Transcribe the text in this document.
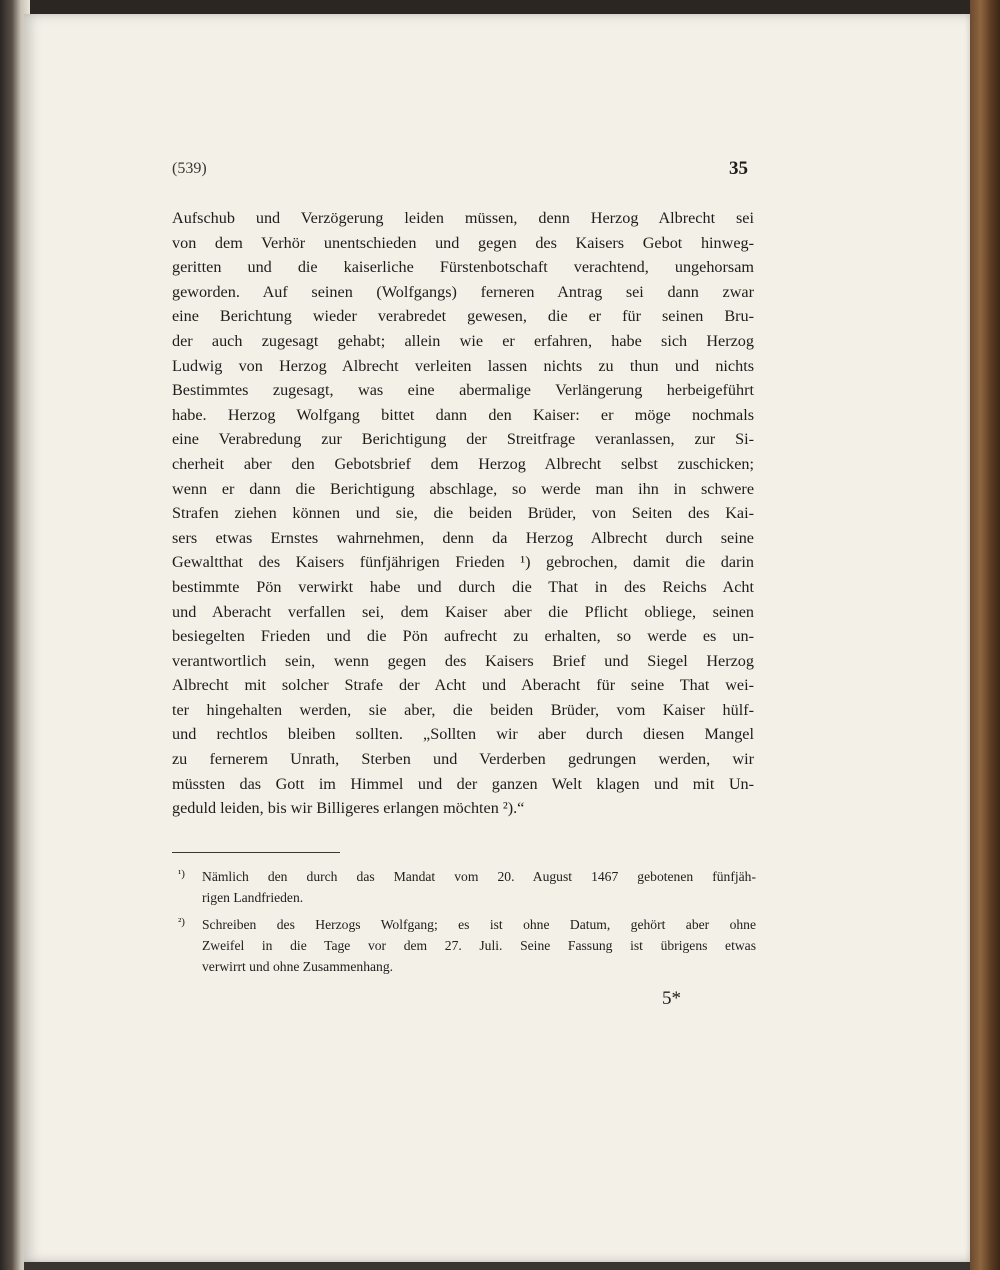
(539)	35
Aufschub und Verzögerung leiden müssen, denn Herzog Albrecht sei
von dem Verhör unentschieden und gegen des Kaisers Gebot hinweg-
geritten und die kaiserliche Fürstenbotschaft verachtend, ungehorsam
geworden. Auf seinen (Wolfgangs) ferneren Antrag sei dann zwar
eine Berichtung wieder verabredet gewesen, die er für seinen Bru-
der auch zugesagt gehabt; allein wie er erfahren, habe sich Herzog
Ludwig von Herzog Albrecht verleiten lassen nichts zu thun und nichts
Bestimmtes zugesagt, was eine abermalige Verlängerung herbeigeführt
habe. Herzog Wolfgang bittet dann den Kaiser: er möge nochmals
eine Verabredung zur Berichtigung der Streitfrage veranlassen, zur Si-
cherheit aber den Gebotsbrief dem Herzog Albrecht selbst zuschicken;
wenn er dann die Berichtigung abschlage, so werde man ihn in schwere
Strafen ziehen können und sie, die beiden Brüder, von Seiten des Kai-
sers etwas Ernstes wahrnehmen, denn da Herzog Albrecht durch seine
Gewaltthat des Kaisers fünfjährigen Frieden ¹) gebrochen, damit die darin
bestimmte Pön verwirkt habe und durch die That in des Reichs Acht
und Aberacht verfallen sei, dem Kaiser aber die Pflicht obliege, seinen
besiegelten Frieden und die Pön aufrecht zu erhalten, so werde es un-
verantwortlich sein, wenn gegen des Kaisers Brief und Siegel Herzog
Albrecht mit solcher Strafe der Acht und Aberacht für seine That wei-
ter hingehalten werden, sie aber, die beiden Brüder, vom Kaiser hülf-
und rechtlos bleiben sollten. „Sollten wir aber durch diesen Mangel
zu fernerem Unrath, Sterben und Verderben gedrungen werden, wir
müssten das Gott im Himmel und der ganzen Welt klagen und mit Un-
geduld leiden, bis wir Billigeres erlangen möchten ²).“
¹) Nämlich den durch das Mandat vom 20. August 1467 gebotenen fünfjäh-
rigen Landfrieden.
²) Schreiben des Herzogs Wolfgang; es ist ohne Datum, gehört aber ohne
Zweifel in die Tage vor dem 27. Juli. Seine Fassung ist übrigens etwas
verwirrt und ohne Zusammenhang.
5*
